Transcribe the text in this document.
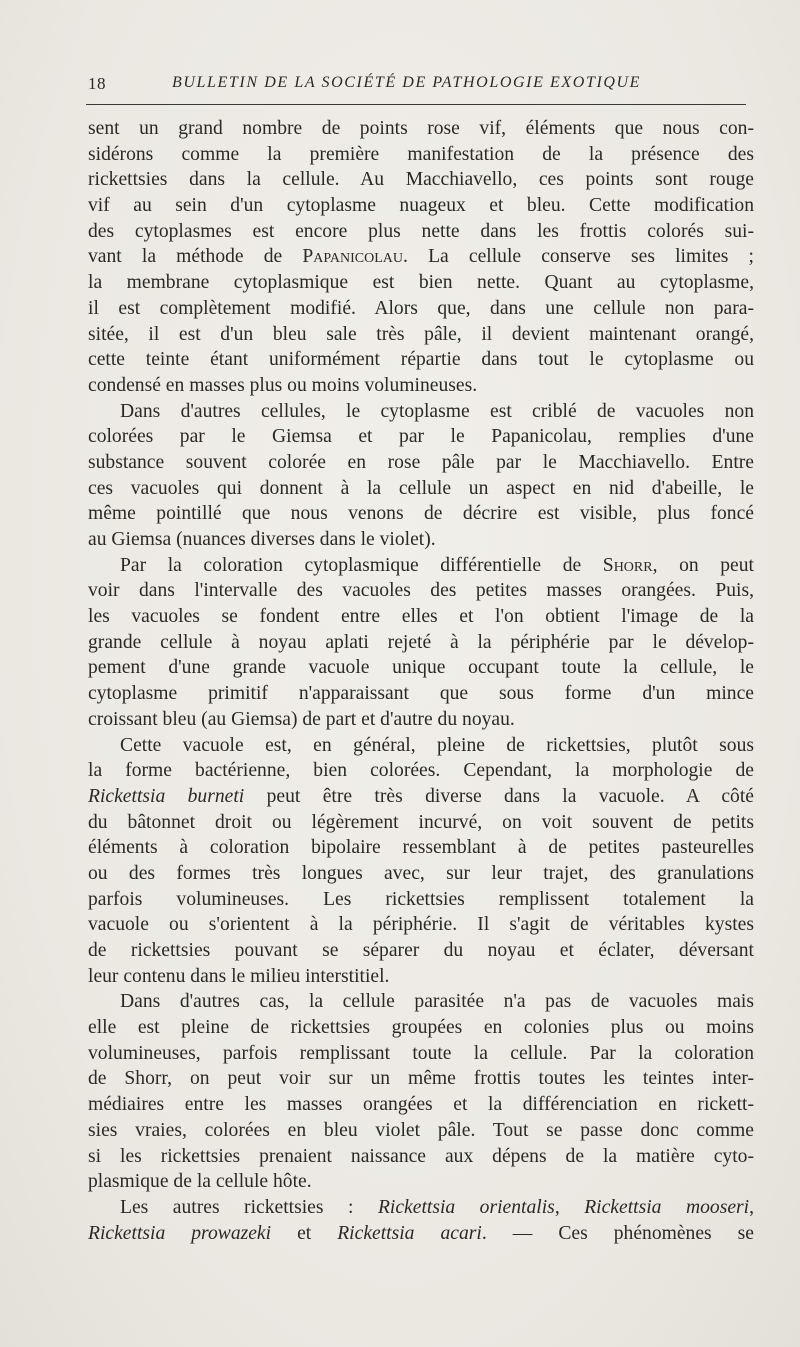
18	BULLETIN DE LA SOCIÉTÉ DE PATHOLOGIE EXOTIQUE
sent un grand nombre de points rose vif, éléments que nous con-
sidérons comme la première manifestation de la présence des
rickettsies dans la cellule. Au Macchiavello, ces points sont rouge
vif au sein d'un cytoplasme nuageux et bleu. Cette modification
des cytoplasmes est encore plus nette dans les frottis colorés sui-
vant la méthode de Papanicolau. La cellule conserve ses limites ;
la membrane cytoplasmique est bien nette. Quant au cytoplasme,
il est complètement modifié. Alors que, dans une cellule non para-
sitée, il est d'un bleu sale très pâle, il devient maintenant orangé,
cette teinte étant uniformément répartie dans tout le cytoplasme ou
condensé en masses plus ou moins volumineuses.
Dans d'autres cellules, le cytoplasme est criblé de vacuoles non
colorées par le Giemsa et par le Papanicolau, remplies d'une
substance souvent colorée en rose pâle par le Macchiavello. Entre
ces vacuoles qui donnent à la cellule un aspect en nid d'abeille, le
même pointillé que nous venons de décrire est visible, plus foncé
au Giemsa (nuances diverses dans le violet).
Par la coloration cytoplasmique différentielle de Shorr, on peut
voir dans l'intervalle des vacuoles des petites masses orangées. Puis,
les vacuoles se fondent entre elles et l'on obtient l'image de la
grande cellule à noyau aplati rejeté à la périphérie par le dévelop-
pement d'une grande vacuole unique occupant toute la cellule, le
cytoplasme primitif n'apparaissant que sous forme d'un mince
croissant bleu (au Giemsa) de part et d'autre du noyau.
Cette vacuole est, en général, pleine de rickettsies, plutôt sous
la forme bactérienne, bien colorées. Cependant, la morphologie de
Rickettsia burneti peut être très diverse dans la vacuole. A côté
du bâtonnet droit ou légèrement incurvé, on voit souvent de petits
éléments à coloration bipolaire ressemblant à de petites pasteurelles
ou des formes très longues avec, sur leur trajet, des granulations
parfois volumineuses. Les rickettsies remplissent totalement la
vacuole ou s'orientent à la périphérie. Il s'agit de véritables kystes
de rickettsies pouvant se séparer du noyau et éclater, déversant
leur contenu dans le milieu interstitiel.
Dans d'autres cas, la cellule parasitée n'a pas de vacuoles mais
elle est pleine de rickettsies groupées en colonies plus ou moins
volumineuses, parfois remplissant toute la cellule. Par la coloration
de Shorr, on peut voir sur un même frottis toutes les teintes inter-
médiaires entre les masses orangées et la différenciation en rickett-
sies vraies, colorées en bleu violet pâle. Tout se passe donc comme
si les rickettsies prenaient naissance aux dépens de la matière cyto-
plasmique de la cellule hôte.
Les autres rickettsies : Rickettsia orientalis, Rickettsia mooseri,
Rickettsia prowazeki et Rickettsia acari. — Ces phénomènes se
